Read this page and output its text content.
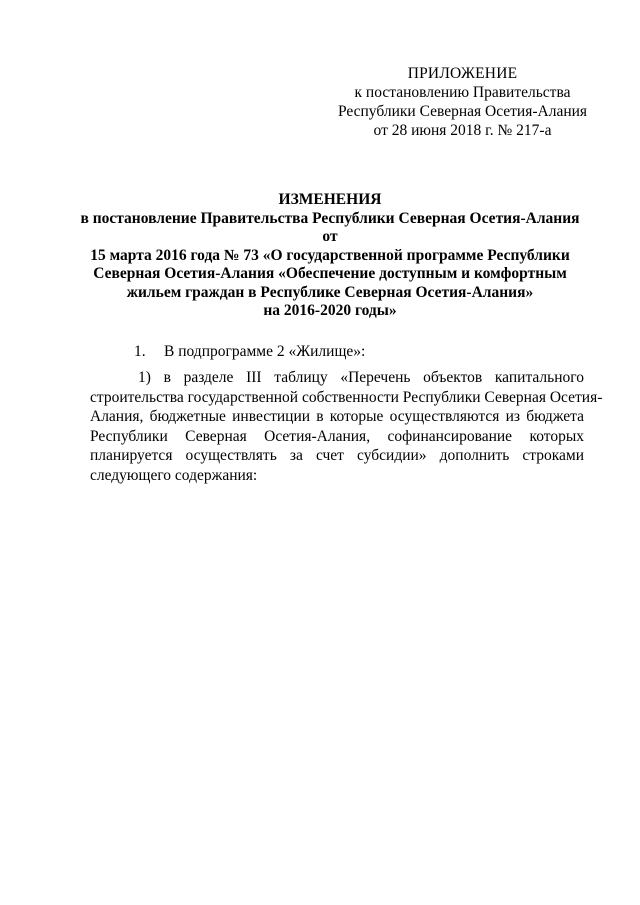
ПРИЛОЖЕНИЕ
к постановлению Правительства
Республики Северная Осетия-Алания
от 28 июня 2018 г. № 217-а
ИЗМЕНЕНИЯ
в постановление Правительства Республики Северная Осетия-Алания от
15 марта 2016 года № 73 «О государственной программе Республики
Северная Осетия-Алания «Обеспечение доступным и комфортным
жильем граждан в Республике Северная Осетия-Алания»
на 2016-2020 годы»
1. В подпрограмме 2 «Жилище»:
1) в разделе III таблицу «Перечень объектов капитального
строительства государственной собственности Республики Северная Осетия-
Алания, бюджетные инвестиции в которые осуществляются из бюджета
Республики Северная Осетия-Алания, софинансирование которых
планируется осуществлять за счет субсидии» дополнить строками
следующего содержания:
